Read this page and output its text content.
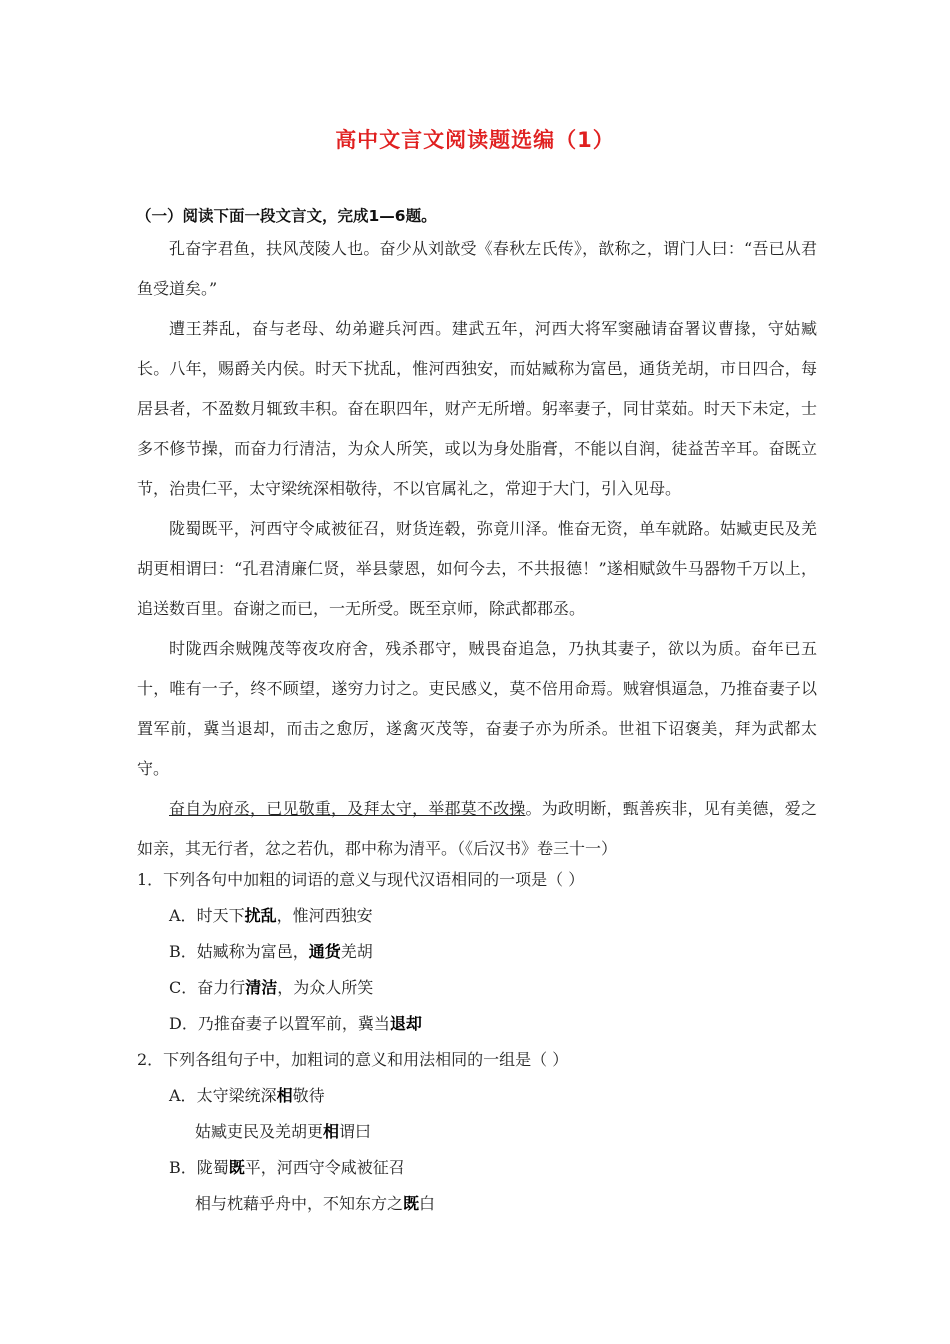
高中文言文阅读题选编（1）
（一）阅读下面一段文言文，完成1—6题。

孔奋字君鱼，扶风茂陵人也。奋少从刘歆受《春秋左氏传》，歆称之，谓门人曰：“吾已从君鱼受道矣。”

遭王莽乱，奋与老母、幼弟避兵河西。建武五年，河西大将军窦融请奋署议曹掾，守姑臧长。八年，赐爵关内侯。时天下扰乱，惟河西独安，而姑臧称为富邑，通货羌胡，市日四合，每居县者，不盈数月辄致丰积。奋在职四年，财产无所增。躬率妻子，同甘菜茹。时天下未定，士多不修节操，而奋力行清洁，为众人所笑，或以为身处脂膏，不能以自润，徒益苦辛耳。奋既立节，治贵仁平，太守梁统深相敬待，不以官属礼之，常迎于大门，引入见母。

陇蜀既平，河西守令咸被征召，财货连毂，弥竟川泽。惟奋无资，单车就路。姑臧吏民及羌胡更相谓曰：“孔君清廉仁贤，举县蒙恩，如何今去，不共报德！”遂相赋敛牛马器物千万以上，追送数百里。奋谢之而已，一无所受。既至京师，除武都郡丞。

时陇西余贼隗茂等夜攻府舍，残杀郡守，贼畏奋追急，乃执其妻子，欲以为质。奋年已五十，唯有一子，终不顾望，遂穷力讨之。吏民感义，莫不倍用命焉。贼窘惧逼急，乃推奋妻子以置军前，冀当退却，而击之愈厉，遂禽灭茂等，奋妻子亦为所杀。世祖下诏褒美，拜为武都太守。

奋自为府丞，已见敬重，及拜太守，举郡莫不改操。为政明断，甄善疾非，见有美德，爱之如亲，其无行者，忿之若仇，郡中称为清平。（《后汉书》卷三十一）

1．下列各句中加粗的词语的意义与现代汉语相同的一项是（ ）
A．时天下扰乱，惟河西独安
B．姑臧称为富邑，通货羌胡
C．奋力行清洁，为众人所笑
D．乃推奋妻子以置军前，冀当退却
2．下列各组句子中，加粗词的意义和用法相同的一组是（ ）
A．太守梁统深相敬待
姑臧吏民及羌胡更相谓曰
B．陇蜀既平，河西守令咸被征召
相与枕藉乎舟中，不知东方之既白
